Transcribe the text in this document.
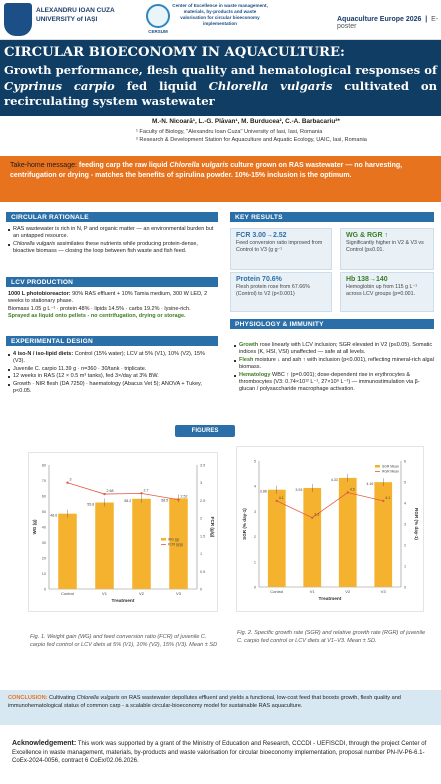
ALEXANDRU IOAN CUZA
UNIVERSITY of IAȘI
CERSUM
Center of Excellence in waste management, materials, by-products and waste valorisation for circular bioeconomy implementation
Aquaculture Europe 2026  |  E-poster
CIRCULAR BIOECONOMY IN AQUACULTURE:
Growth performance, flesh quality and hematological responses of Cyprinus carpio fed liquid Chlorella vulgaris cultivated on recirculating system wastewater
M.-N. Nicoară¹, L.-G. Plăvan¹, M. Burducea², C.-A. Barbacariu²*
¹ Faculty of Biology, "Alexandru Ioan Cuza" University of Iasi, Iasi, Romania
² Research & Development Station for Aquaculture and Aquatic Ecology, UAIC, Iasi, Romania
Take-home message: feeding carp the raw liquid Chlorella vulgaris culture grown on RAS wastewater — no harvesting, centrifugation or drying - matches the benefits of spirulina powder. 10%-15% inclusion is the optimum.
CIRCULAR RATIONALE
RAS wastewater is rich in N, P and organic matter — an environmental burden but an untapped resource.
Chlorella vulgaris assimilates these nutrients while producing protein-dense, bioactive biomass — closing the loop between fish waste and fish feed.
LCV PRODUCTION
1000 L photobioreactor: 90% RAS effluent + 10% Tamia medium, 300 W LED, 2 weeks to stationary phase.
Biomass 1.05 g L⁻¹ · protein 48% · lipids 14.5% · carbs 19.2% · lysine-rich.
Sprayed as liquid onto pellets - no centrifugation, drying or storage.
EXPERIMENTAL DESIGN
4 iso-N / iso-lipid diets: Control (15% water); LCV at 5% (V1), 10% (V2), 15% (V3).
Juvenile C. carpio 11.39 g · n=360 · 30/tank · triplicate.
12 weeks in RAS (12 × 0.5 m³ tanks), fed 3×/day at 3% BW.
Growth · NIR flesh (DA 7250) · haematology (Abacus Vet 5); ANOVA + Tukey, p<0.05.
KEY RESULTS
FCR 3.00→2.52
Feed conversion ratio improved from Control to V3 (g g⁻¹
WG & RGR ↑
Significantly higher in V2 & V3 vs Control (p≤0.01.
Protein 70.6%
Flesh protein rose from 67.66% (Control) to V2 (p<0.001)
Hb 138→140
Hemoglobin up from 115 g L⁻¹ across LCV groups (p=0.001.
PHYSIOLOGY & IMMUNITY
Growth rose linearly with LCV inclusion; SGR elevated in V2 (p≤0.05). Somatic indices (K, HSI, VSI) unaffected — safe at all levels.
Flesh moisture ↓ and ash ↑ with inclusion (p<0.001), reflecting mineral-rich algal biomass.
Hematology WBC ↑ (p=0.001); dose-dependent rise in erythrocytes & thrombocytes (V3: 0.74×10¹² L⁻¹, 27×10⁹ L⁻¹) — immunostimulation via β-glucan / polysaccharide macrophage activation.
FIGURES
0
10
20
30
40
50
60
70
80
0
0.5
1
1.5
2
2.5
3
3.5
48.6
Control
55.8
V1
58.2
V2
58.5
V3
3
2.68	2.7
2.52
Treatment
WG (g)	FCR (g/g)
WG (g)
FCR (g/g)
0
1
2
3
4
5
0
1
2
3
4
5
6
3.86
Control
3.93
V1
4.33
V2
4.16
V3
4.1
3.3
4.5
4.1
Treatment
SGR (% day-1)	RGR (% day-1)
SGR Mean
RGR Mean
Fig. 1. Weight gain (WG) and feed conversion ratio (FCR) of juvenile C. carpio fed control or LCV diets at 5% (V1), 10% (V2), 15% (V3). Mean ± SD
Fig. 2. Specific growth rate (SGR) and relative growth rate (RGR) of juvenile C. carpio fed control or LCV diets at V1–V3. Mean ± SD.
CONCLUSION: Cultivating Chlorella vulgaris on RAS wastewater depollutes effluent and yields a functional, low-cost feed that boosts growth, flesh quality and immunohematological status of common carp - a scalable circular-bioeconomy model for sustainable RAS aquaculture.
Acknowledgement: This work was supported by a grant of the Ministry of Education and Research, CCCDI - UEFISCDI, through the project Center of Excellence in waste management, materials, by-products and waste valorisation for circular bioeconomy implementation, proposal number PN-IV-P6-6.1-CoEx-2024-0056, contract 6 CoEx/02.06.2026.
